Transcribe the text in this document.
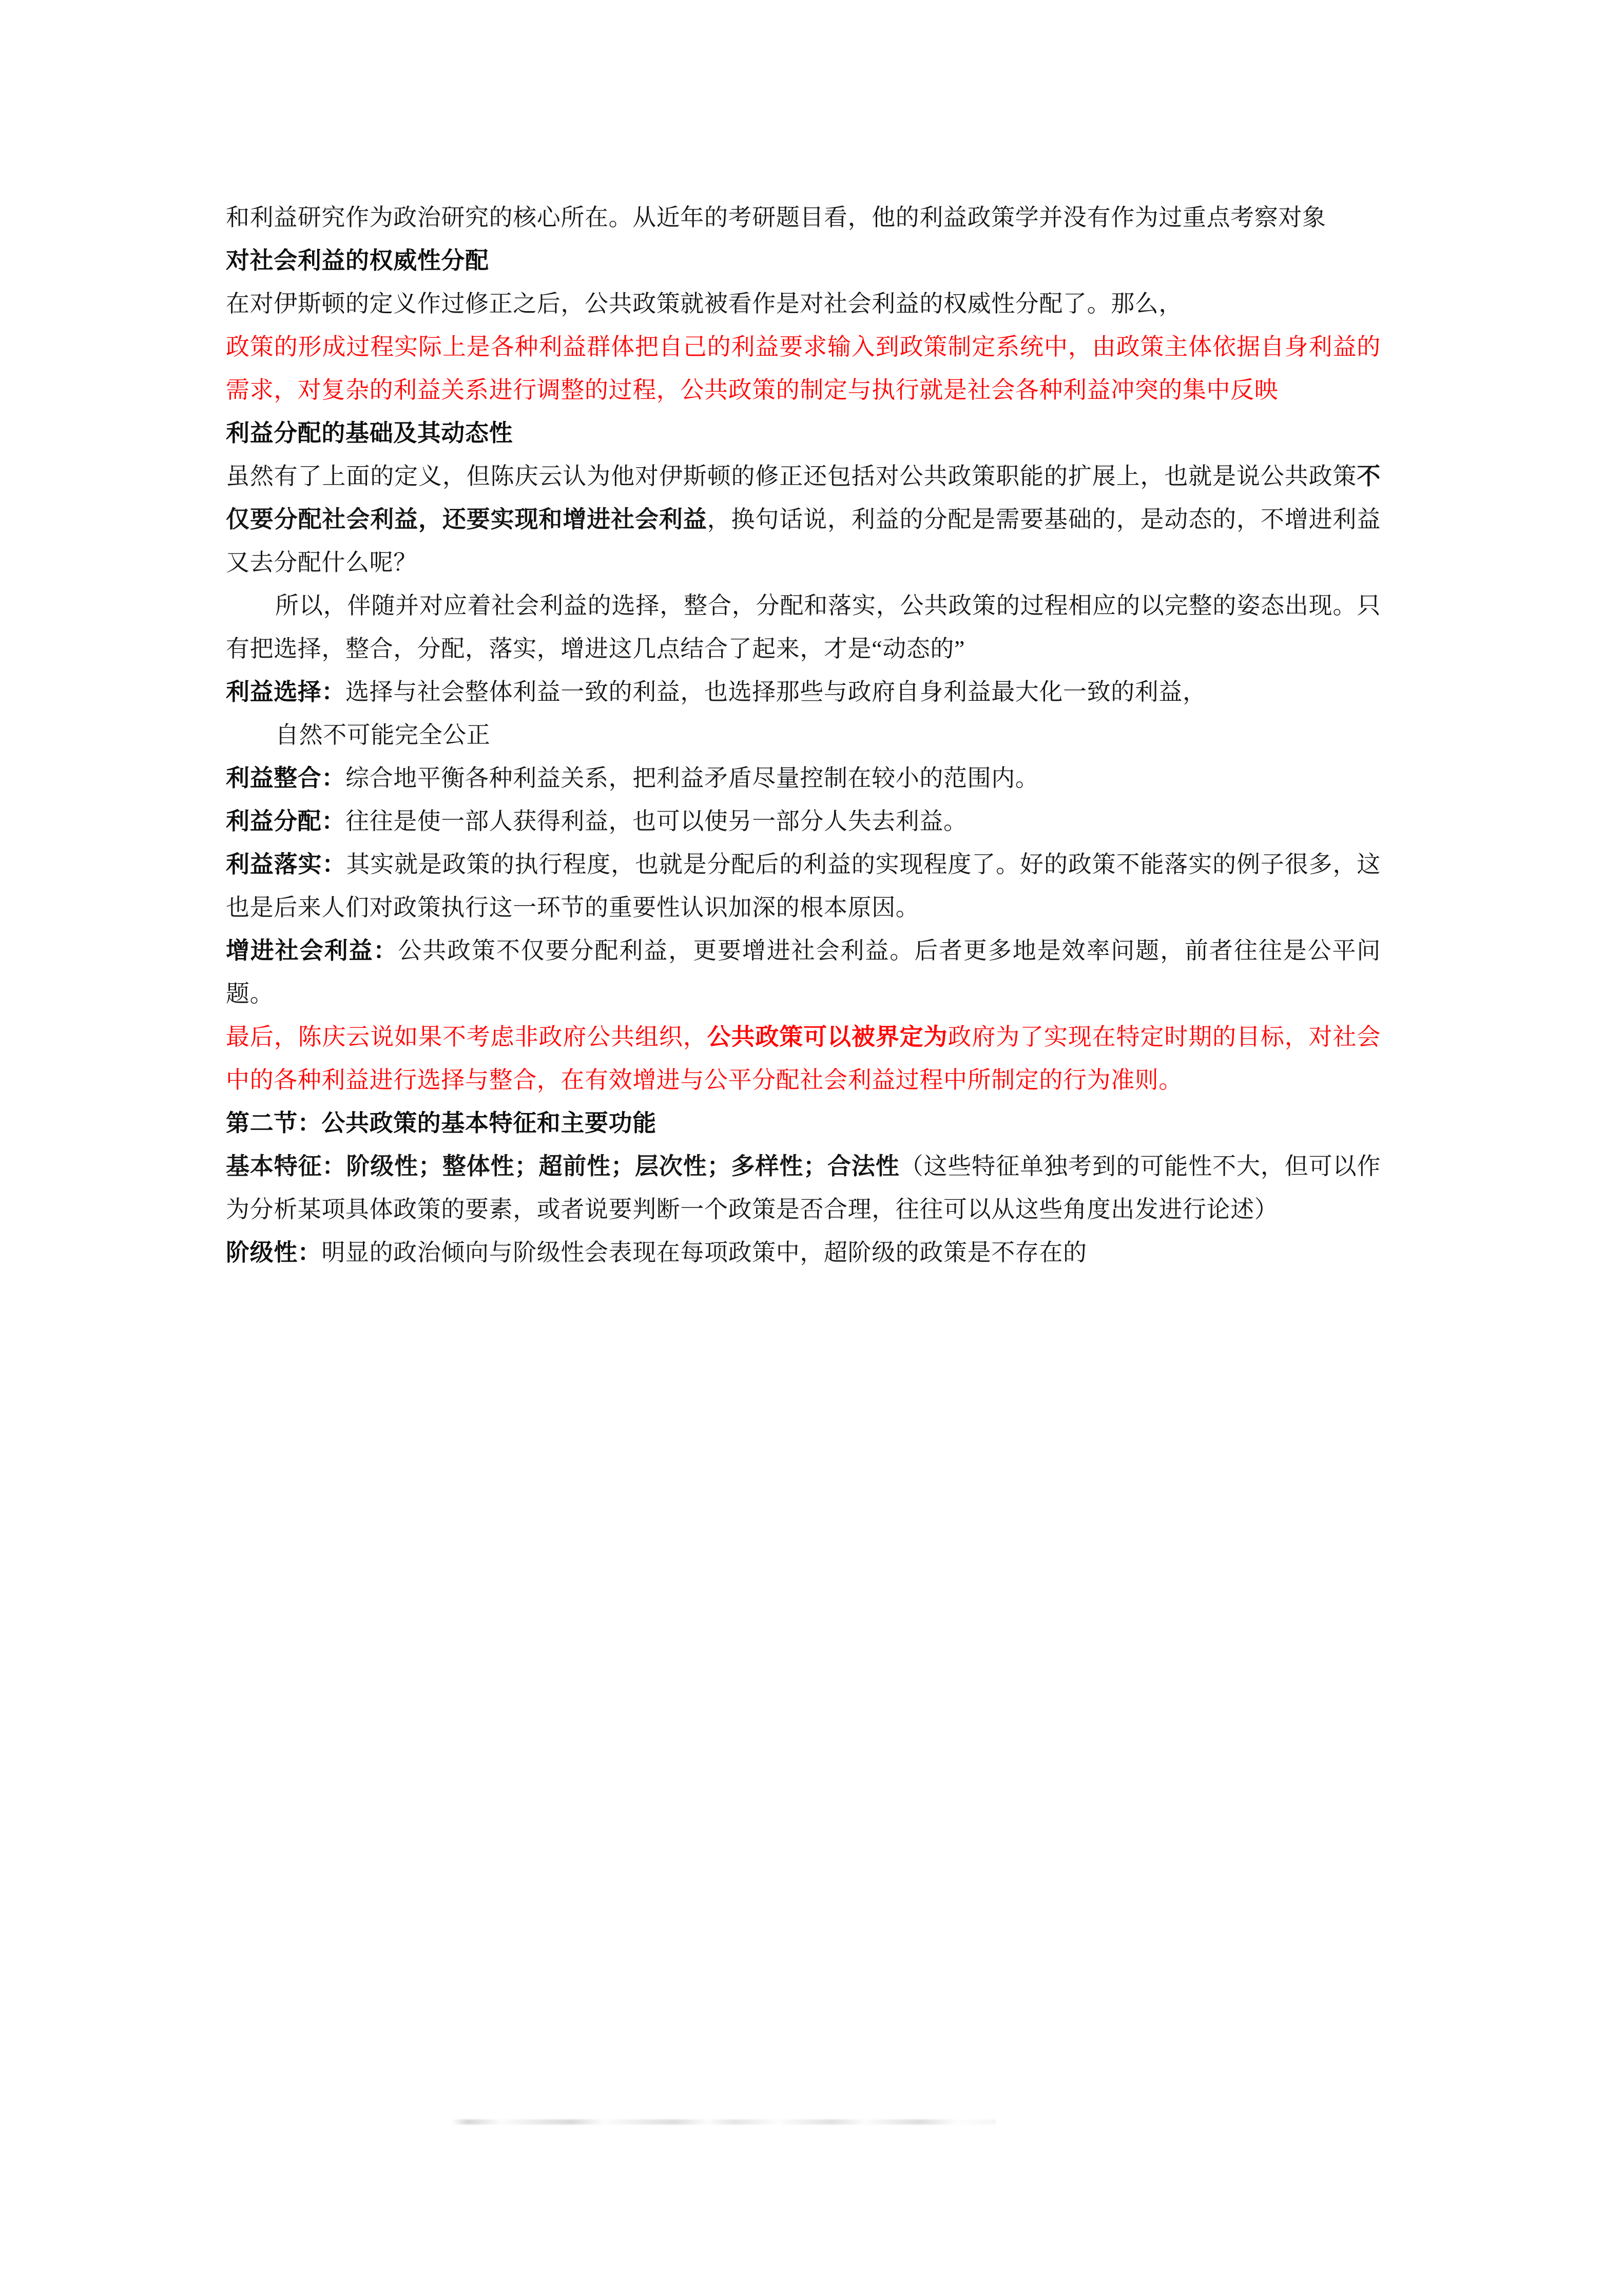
和利益研究作为政治研究的核心所在。从近年的考研题目看，他的利益政策学并没有作为过重点考察对象

对社会利益的权威性分配

在对伊斯顿的定义作过修正之后，公共政策就被看作是对社会利益的权威性分配了。那么，

政策的形成过程实际上是各种利益群体把自己的利益要求输入到政策制定系统中，由政策主体依据自身利益的需求，对复杂的利益关系进行调整的过程，公共政策的制定与执行就是社会各种利益冲突的集中反映

利益分配的基础及其动态性

虽然有了上面的定义，但陈庆云认为他对伊斯顿的修正还包括对公共政策职能的扩展上，也就是说公共政策不仅要分配社会利益，还要实现和增进社会利益，换句话说，利益的分配是需要基础的，是动态的，不增进利益又去分配什么呢？

所以，伴随并对应着社会利益的选择，整合，分配和落实，公共政策的过程相应的以完整的姿态出现。只有把选择，整合，分配，落实，增进这几点结合了起来，才是“动态的”

利益选择：选择与社会整体利益一致的利益，也选择那些与政府自身利益最大化一致的利益，

自然不可能完全公正

利益整合：综合地平衡各种利益关系，把利益矛盾尽量控制在较小的范围内。

利益分配：往往是使一部人获得利益，也可以使另一部分人失去利益。

利益落实：其实就是政策的执行程度，也就是分配后的利益的实现程度了。好的政策不能落实的例子很多，这也是后来人们对政策执行这一环节的重要性认识加深的根本原因。

增进社会利益：公共政策不仅要分配利益，更要增进社会利益。后者更多地是效率问题，前者往往是公平问题。

最后，陈庆云说如果不考虑非政府公共组织，公共政策可以被界定为政府为了实现在特定时期的目标，对社会中的各种利益进行选择与整合，在有效增进与公平分配社会利益过程中所制定的行为准则。

第二节：公共政策的基本特征和主要功能

基本特征：阶级性；整体性；超前性；层次性；多样性；合法性（这些特征单独考到的可能性不大，但可以作为分析某项具体政策的要素，或者说要判断一个政策是否合理，往往可以从这些角度出发进行论述）

阶级性：明显的政治倾向与阶级性会表现在每项政策中，超阶级的政策是不存在的
